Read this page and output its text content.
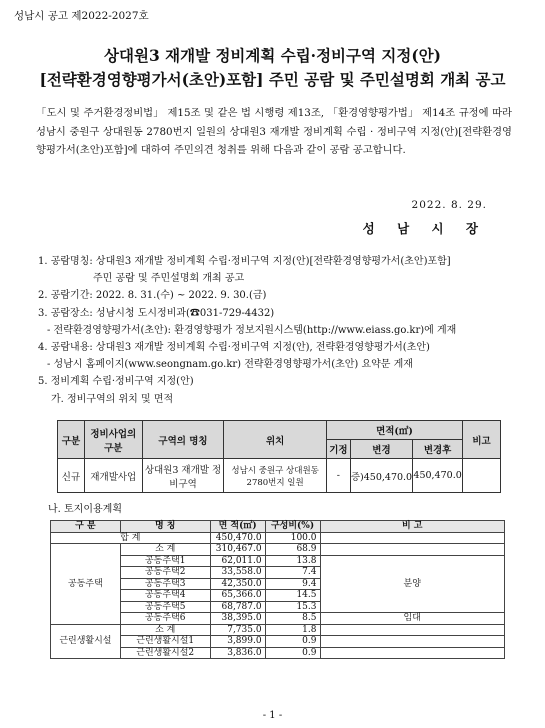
성남시 공고 제2022-2027호
상대원3 재개발 정비계획 수립·정비구역 지정(안)
[전략환경영향평가서(초안)포함] 주민 공람 및 주민설명회 개최 공고
「도시 및 주거환경정비법」 제15조 및 같은 법 시행령 제13조, 「환경영향평가법」 제14조 규정에 따라 성남시 중원구 상대원동 2780번지 일원의 상대원3 재개발 정비계획 수립 · 정비구역 지정(안)[전략환경영향평가서(초안)포함]에 대하여 주민의견 청취를 위해 다음과 같이 공람 공고합니다.
2022. 8. 29.
성 남 시 장
1. 공람명칭: 상대원3 재개발 정비계획 수립·정비구역 지정(안)[전략환경영향평가서(초안)포함]
주민 공람 및 주민설명회 개최 공고
2. 공람기간: 2022. 8. 31.(수) ~ 2022. 9. 30.(금)
3. 공람장소: 성남시청 도시정비과(☎031-729-4432)
- 전략환경영향평가서(초안): 환경영향평가 정보지원시스템(http://www.eiass.go.kr)에 게재
4. 공람내용: 상대원3 재개발 정비계획 수립·정비구역 지정(안), 전략환경영향평가서(초안)
- 성남시 홈페이지(www.seongnam.go.kr) 전략환경영향평가서(초안) 요약문 게재
5. 정비계획 수립·정비구역 지정(안)
가. 정비구역의 위치 및 면적
구분	정비사업의 구분	구역의 명칭	위치	면적(㎡)			비고
				기정	변경	변경후	
신규	재개발사업	상대원3 재개발 정비구역	성남시 중원구 상대원동 2780번지 일원	-	증)450,470.0	450,470.0	
나. 토지이용계획
구 분	명 칭	면 적(㎡)	구성비(%)	비 고
합 계		450,470.0	100.0	
공동주택	소 계	310,467.0	68.9	
	공동주택1	62,011.0	13.8	분양
	공동주택2	33,558.0	7.4	
	공동주택3	42,350.0	9.4	
	공동주택4	65,366.0	14.5	
	공동주택5	68,787.0	15.3	
	공동주택6	38,395.0	8.5	임대
근린생활시설	소 계	7,735.0	1.8	
	근린생활시설1	3,899.0	0.9	
	근린생활시설2	3,836.0	0.9	
- 1 -
